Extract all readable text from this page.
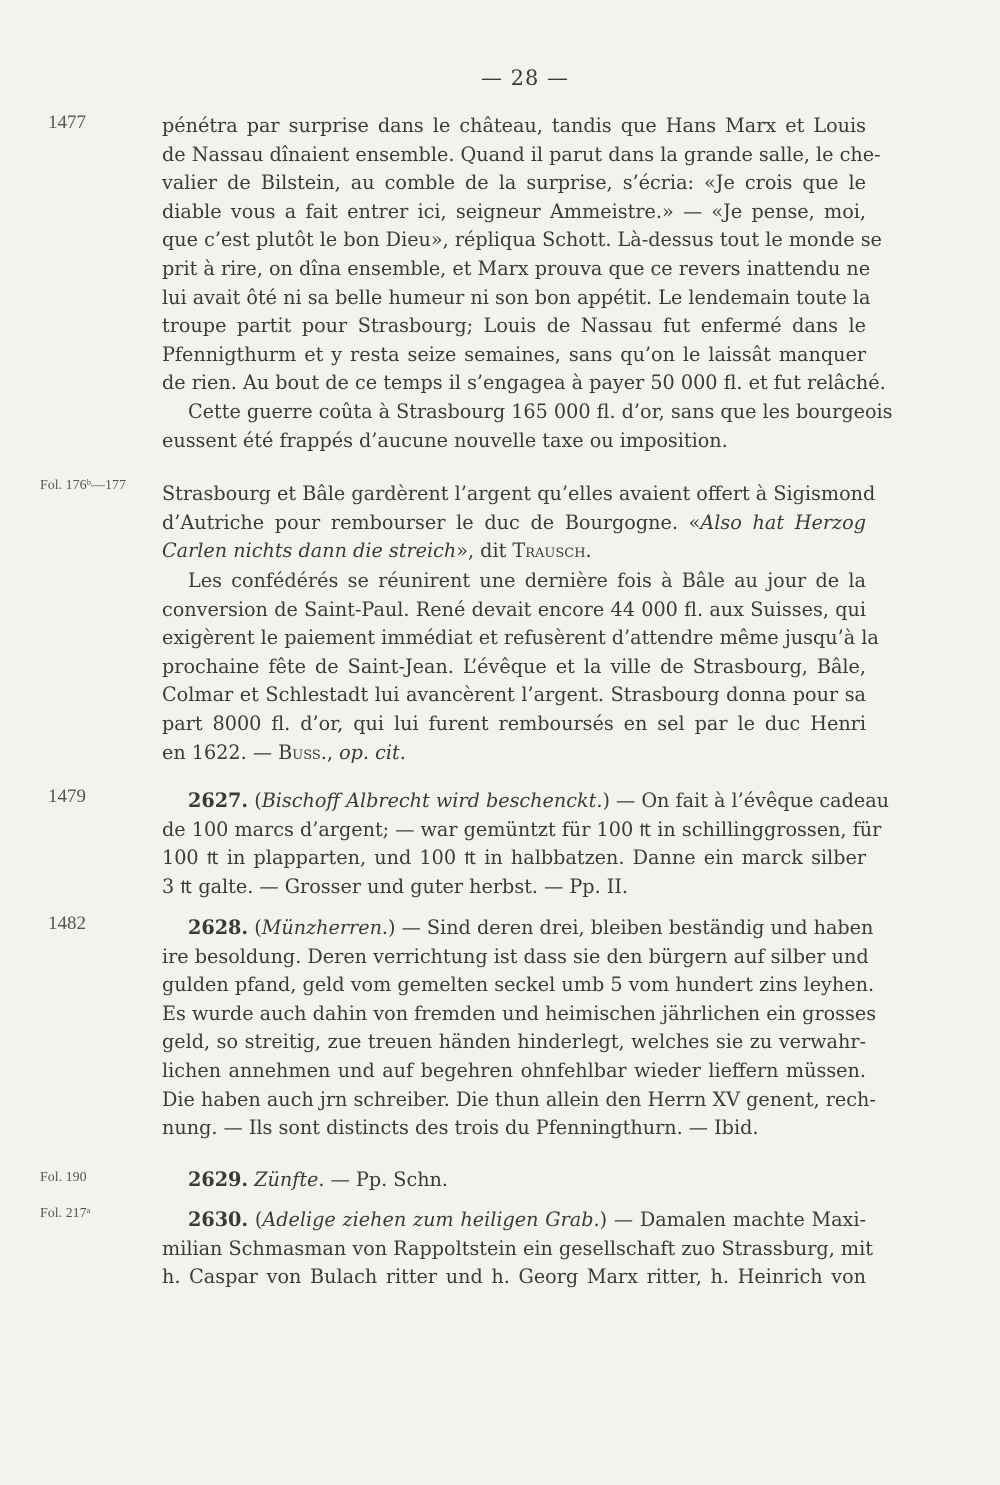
— 28 —
1477
Fol. 176ᵇ—177
1479
1482
Fol. 190
Fol. 217ᵃ
pénétra par surprise dans le château, tandis que Hans Marx et Louis
de Nassau dînaient ensemble. Quand il parut dans la grande salle, le che-
valier de Bilstein, au comble de la surprise, s’écria: «Je crois que le
diable vous a fait entrer ici, seigneur Ammeistre.» — «Je pense, moi,
que c’est plutôt le bon Dieu», répliqua Schott. Là-dessus tout le monde se
prit à rire, on dîna ensemble, et Marx prouva que ce revers inattendu ne
lui avait ôté ni sa belle humeur ni son bon appétit. Le lendemain toute la
troupe partit pour Strasbourg; Louis de Nassau fut enfermé dans le
Pfennigthurm et y resta seize semaines, sans qu’on le laissât manquer
de rien. Au bout de ce temps il s’engagea à payer 50 000 fl. et fut relâché.
Cette guerre coûta à Strasbourg 165 000 fl. d’or, sans que les bourgeois
eussent été frappés d’aucune nouvelle taxe ou imposition.
Strasbourg et Bâle gardèrent l’argent qu’elles avaient offert à Sigismond
d’Autriche pour rembourser le duc de Bourgogne. «Also hat Herzog
Carlen nichts dann die streich», dit Trausch.
Les confédérés se réunirent une dernière fois à Bâle au jour de la
conversion de Saint-Paul. René devait encore 44 000 fl. aux Suisses, qui
exigèrent le paiement immédiat et refusèrent d’attendre même jusqu’à la
prochaine fête de Saint-Jean. L’évêque et la ville de Strasbourg, Bâle,
Colmar et Schlestadt lui avancèrent l’argent. Strasbourg donna pour sa
part 8000 fl. d’or, qui lui furent remboursés en sel par le duc Henri
en 1622. — Buss., op. cit.
2627. (Bischoff Albrecht wird beschenckt.) — On fait à l’évêque cadeau
de 100 marcs d’argent; — war gemüntzt für 100 ₶ in schillinggrossen, für
100 ₶ in plapparten, und 100 ₶ in halbbatzen. Danne ein marck silber
3 ₶ galte. — Grosser und guter herbst. — Pp. II.
2628. (Münzherren.) — Sind deren drei, bleiben beständig und haben
ire besoldung. Deren verrichtung ist dass sie den bürgern auf silber und
gulden pfand, geld vom gemelten seckel umb 5 vom hundert zins leyhen.
Es wurde auch dahin von fremden und heimischen jährlichen ein grosses
geld, so streitig, zue treuen händen hinderlegt, welches sie zu verwahr-
lichen annehmen und auf begehren ohnfehlbar wieder lieffern müssen.
Die haben auch jrn schreiber. Die thun allein den Herrn XV genent, rech-
nung. — Ils sont distincts des trois du Pfenningthurn. — Ibid.
2629. Zünfte. — Pp. Schn.
2630. (Adelige ziehen zum heiligen Grab.) — Damalen machte Maxi-
milian Schmasman von Rappoltstein ein gesellschaft zuo Strassburg, mit
h. Caspar von Bulach ritter und h. Georg Marx ritter, h. Heinrich von
